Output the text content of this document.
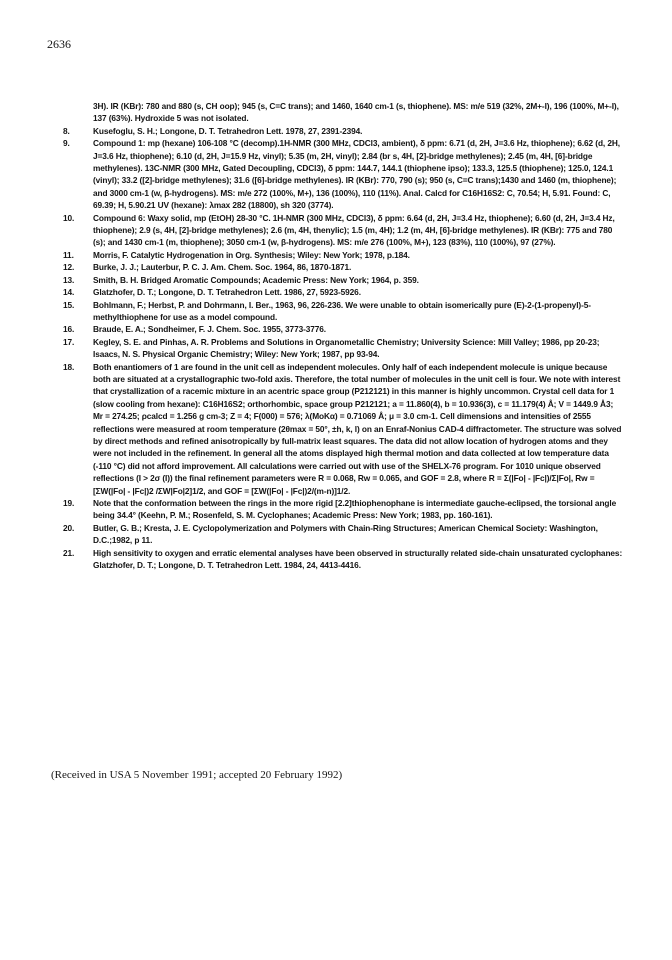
2636
3H). IR (KBr): 780 and 880 (s, CH oop); 945 (s, C=C trans); and 1460, 1640 cm-1 (s, thiophene). MS: m/e 519 (32%, 2M+-I), 196 (100%, M+-I), 137 (63%). Hydroxide 5 was not isolated.
8.	Kusefoglu, S. H.; Longone, D. T. Tetrahedron Lett. 1978, 27, 2391-2394.
9.	Compound 1: mp (hexane) 106-108 °C (decomp).1H-NMR (300 MHz, CDCl3, ambient), δ ppm: 6.71 (d, 2H, J=3.6 Hz, thiophene); 6.62 (d, 2H, J=3.6 Hz, thiophene); 6.10 (d, 2H, J=15.9 Hz, vinyl); 5.35 (m, 2H, vinyl); 2.84 (br s, 4H, [2]-bridge methylenes); 2.45 (m, 4H, [6]-bridge methylenes). 13C-NMR (300 MHz, Gated Decoupling, CDCl3), δ ppm: 144.7, 144.1 (thiophene ipso); 133.3, 125.5 (thiophene); 125.0, 124.1 (vinyl); 33.2 ([2]-bridge methylenes); 31.6 ([6]-bridge methylenes). IR (KBr): 770, 790 (s); 950 (s, C=C trans);1430 and 1460 (m, thiophene); and 3000 cm-1 (w, β-hydrogens). MS: m/e 272 (100%, M+), 136 (100%), 110 (11%). Anal. Calcd for C16H16S2: C, 70.54; H, 5.91. Found: C, 69.39; H, 5.90.21 UV (hexane): λmax 282 (18800), sh 320 (3774).
10.	Compound 6: Waxy solid, mp (EtOH) 28-30 °C. 1H-NMR (300 MHz, CDCl3), δ ppm: 6.64 (d, 2H, J=3.4 Hz, thiophene); 6.60 (d, 2H, J=3.4 Hz, thiophene); 2.9 (s, 4H, [2]-bridge methylenes); 2.6 (m, 4H, thenylic); 1.5 (m, 4H); 1.2 (m, 4H, [6]-bridge methylenes). IR (KBr): 775 and 780 (s); and 1430 cm-1 (m, thiophene); 3050 cm-1 (w, β-hydrogens). MS: m/e 276 (100%, M+), 123 (83%), 110 (100%), 97 (27%).
11.	Morris, F. Catalytic Hydrogenation in Org. Synthesis; Wiley: New York; 1978, p.184.
12.	Burke, J. J.; Lauterbur, P. C. J. Am. Chem. Soc. 1964, 86, 1870-1871.
13.	Smith, B. H. Bridged Aromatic Compounds; Academic Press: New York; 1964, p. 359.
14.	Glatzhofer, D. T.; Longone, D. T. Tetrahedron Lett. 1986, 27, 5923-5926.
15.	Bohlmann, F.; Herbst, P. and Dohrmann, I. Ber., 1963, 96, 226-236. We were unable to obtain isomerically pure (E)-2-(1-propenyl)-5-methylthiophene for use as a model compound.
16.	Braude, E. A.; Sondheimer, F. J. Chem. Soc. 1955, 3773-3776.
17.	Kegley, S. E. and Pinhas, A. R. Problems and Solutions in Organometallic Chemistry; University Science: Mill Valley; 1986, pp 20-23; Isaacs, N. S. Physical Organic Chemistry; Wiley: New York; 1987, pp 93-94.
18.	Both enantiomers of 1 are found in the unit cell as independent molecules. Only half of each independent molecule is unique because both are situated at a crystallographic two-fold axis. Therefore, the total number of molecules in the unit cell is four. We note with interest that crystallization of a racemic mixture in an acentric space group (P212121) in this manner is highly uncommon. Crystal cell data for 1 (slow cooling from hexane): C16H16S2; orthorhombic, space group P212121; a = 11.860(4), b = 10.936(3), c = 11.179(4) Å; V = 1449.9 Å3; Mr = 274.25; ρcalcd = 1.256 g cm-3; Z = 4; F(000) = 576; λ(MoKα) = 0.71069 Å; μ = 3.0 cm-1. Cell dimensions and intensities of 2555 reflections were measured at room temperature (2θmax = 50°, ±h, k, l) on an Enraf-Nonius CAD-4 diffractometer. The structure was solved by direct methods and refined anisotropically by full-matrix least squares. The data did not allow location of hydrogen atoms and they were not included in the refinement. In general all the atoms displayed high thermal motion and data collected at low temperature data (-110 °C) did not afford improvement. All calculations were carried out with use of the SHELX-76 program. For 1010 unique observed reflections (I > 2σ (I)) the final refinement parameters were R = 0.068, Rw = 0.065, and GOF = 2.8, where R = Σ(|Fo| - |Fc|)/Σ|Fo|, Rw = [ΣW(|Fo| - |Fc|)2 /ΣW|Fo|2]1/2, and GOF = [ΣW(|Fo| - |Fc|)2/(m-n)]1/2.
19.	Note that the conformation between the rings in the more rigid [2.2]thiophenophane is intermediate gauche-eclipsed, the torsional angle being 34.4° (Keehn, P. M.; Rosenfeld, S. M. Cyclophanes; Academic Press: New York; 1983, pp. 160-161).
20.	Butler, G. B.; Kresta, J. E. Cyclopolymerization and Polymers with Chain-Ring Structures; American Chemical Society: Washington, D.C.;1982, p 11.
21.	High sensitivity to oxygen and erratic elemental analyses have been observed in structurally related side-chain unsaturated cyclophanes: Glatzhofer, D. T.; Longone, D. T. Tetrahedron Lett. 1984, 24, 4413-4416.
(Received in USA 5 November 1991; accepted 20 February 1992)
